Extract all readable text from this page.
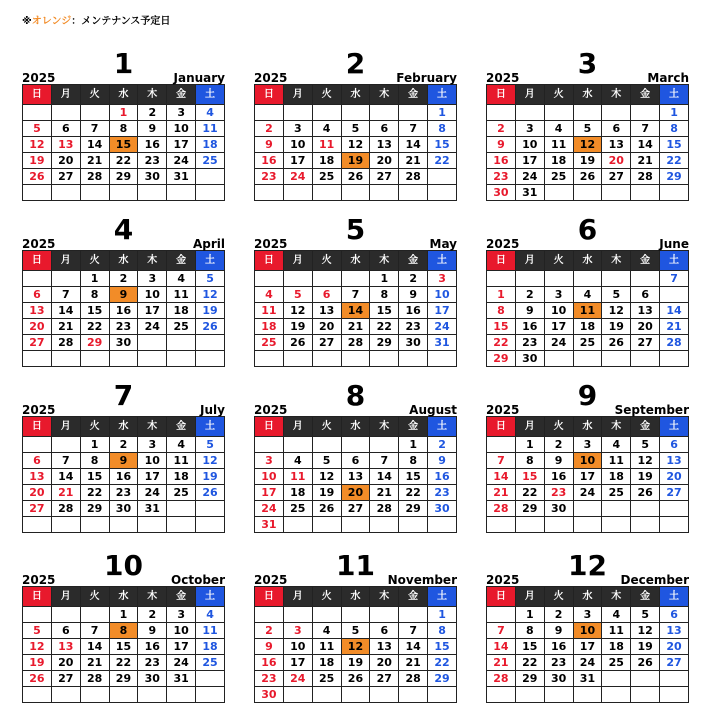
※オレンジ：メンテナンス予定日
2025	1	January
日	月	火	水	木	金	土
			1	2	3	4
5	6	7	8	9	10	11
12	13	14	15	16	17	18
19	20	21	22	23	24	25
26	27	28	29	30	31	

2025	2	February
日	月	火	水	木	金	土
						1
2	3	4	5	6	7	8
9	10	11	12	13	14	15
16	17	18	19	20	21	22
23	24	25	26	27	28	

2025	3	March
日	月	火	水	木	金	土
						1
2	3	4	5	6	7	8
9	10	11	12	13	14	15
16	17	18	19	20	21	22
23	24	25	26	27	28	29
30	31					
2025	4	April
日	月	火	水	木	金	土
		1	2	3	4	5
6	7	8	9	10	11	12
13	14	15	16	17	18	19
20	21	22	23	24	25	26
27	28	29	30			

2025	5	May
日	月	火	水	木	金	土
				1	2	3
4	5	6	7	8	9	10
11	12	13	14	15	16	17
18	19	20	21	22	23	24
25	26	27	28	29	30	31

2025	6	June
日	月	火	水	木	金	土
						7
1	2	3	4	5	6	
8	9	10	11	12	13	14
15	16	17	18	19	20	21
22	23	24	25	26	27	28
29	30					
2025	7	July
日	月	火	水	木	金	土
		1	2	3	4	5
6	7	8	9	10	11	12
13	14	15	16	17	18	19
20	21	22	23	24	25	26
27	28	29	30	31		

2025	8	August
日	月	火	水	木	金	土
					1	2
3	4	5	6	7	8	9
10	11	12	13	14	15	16
17	18	19	20	21	22	23
24	25	26	27	28	29	30
31						
2025	9	September
日	月	火	水	木	金	土
	1	2	3	4	5	6
7	8	9	10	11	12	13
14	15	16	17	18	19	20
21	22	23	24	25	26	27
28	29	30				

2025	10	October
日	月	火	水	木	金	土
			1	2	3	4
5	6	7	8	9	10	11
12	13	14	15	16	17	18
19	20	21	22	23	24	25
26	27	28	29	30	31	

2025	11	November
日	月	火	水	木	金	土
						1
2	3	4	5	6	7	8
9	10	11	12	13	14	15
16	17	18	19	20	21	22
23	24	25	26	27	28	29
30						
2025	12	December
日	月	火	水	木	金	土
	1	2	3	4	5	6
7	8	9	10	11	12	13
14	15	16	17	18	19	20
21	22	23	24	25	26	27
28	29	30	31			
